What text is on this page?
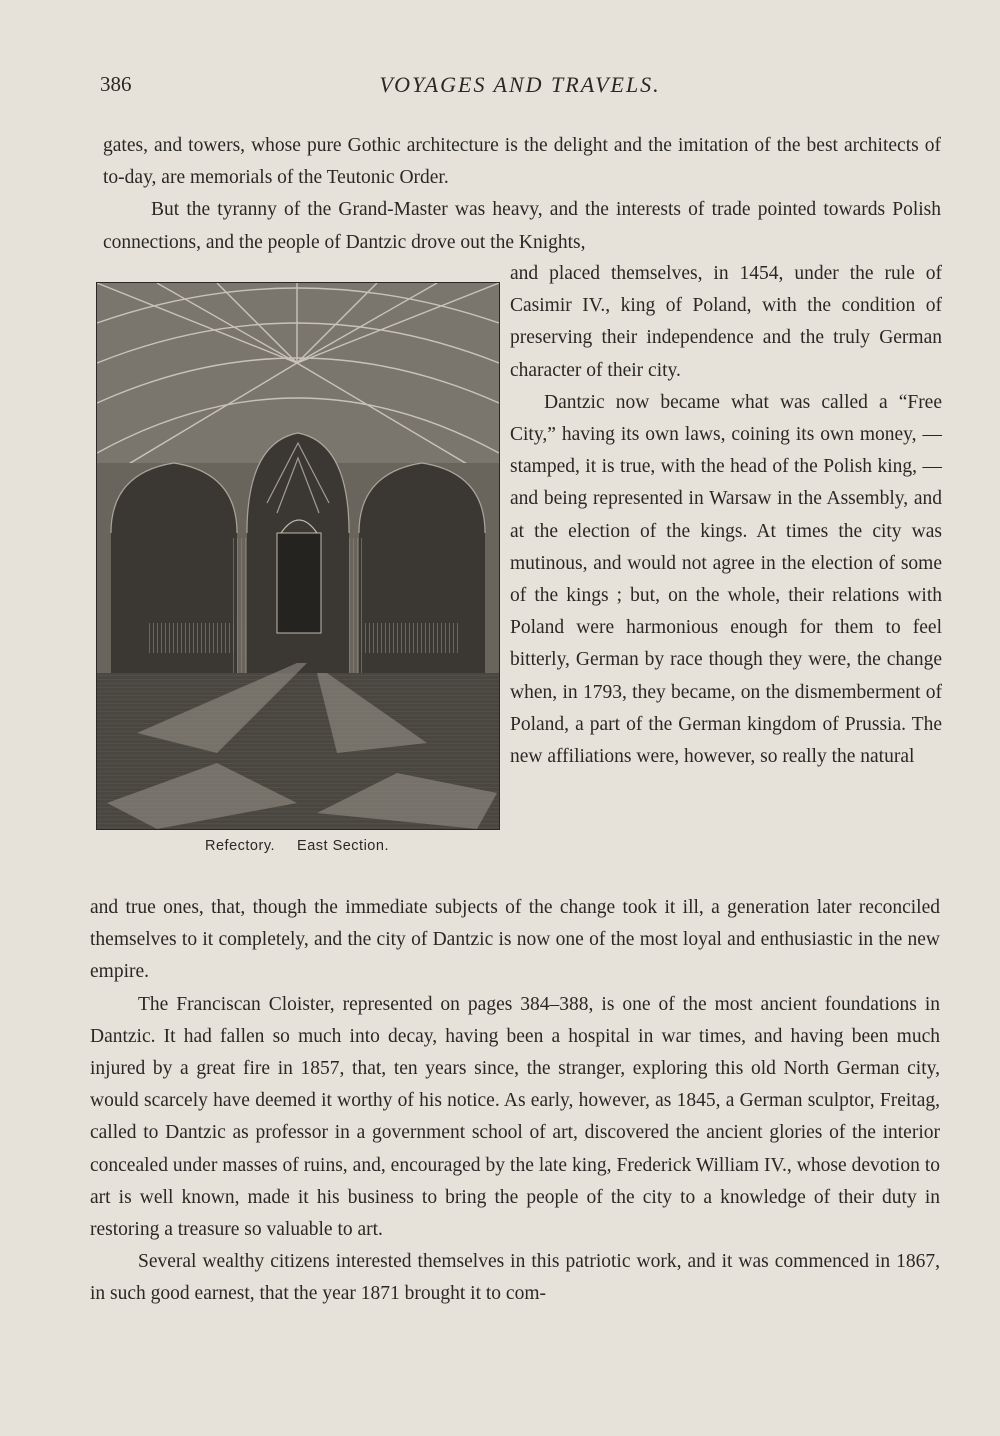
386	VOYAGES AND TRAVELS.

gates, and towers, whose pure Gothic architecture is the delight and the imitation of the best architects of to-day, are memorials of the Teutonic Order.

But the tyranny of the Grand-Master was heavy, and the interests of trade pointed towards Polish connections, and the people of Dantzic drove out the Knights,

Refectory. East Section.

and placed themselves, in 1454, under the rule of Casimir IV., king of Poland, with the condition of preserving their independence and the truly German character of their city.

Dantzic now became what was called a “Free City,” having its own laws, coining its own money, — stamped, it is true, with the head of the Polish king, — and being represented in Warsaw in the Assembly, and at the election of the kings. At times the city was mutinous, and would not agree in the election of some of the kings ; but, on the whole, their relations with Poland were harmonious enough for them to feel bitterly, German by race though they were, the change when, in 1793, they became, on the dismemberment of Poland, a part of the German kingdom of Prussia. The new affiliations were, however, so really the natural

and true ones, that, though the immediate subjects of the change took it ill, a generation later reconciled themselves to it completely, and the city of Dantzic is now one of the most loyal and enthusiastic in the new empire.

The Franciscan Cloister, represented on pages 384–388, is one of the most ancient foundations in Dantzic. It had fallen so much into decay, having been a hospital in war times, and having been much injured by a great fire in 1857, that, ten years since, the stranger, exploring this old North German city, would scarcely have deemed it worthy of his notice. As early, however, as 1845, a German sculptor, Freitag, called to Dantzic as professor in a government school of art, discovered the ancient glories of the interior concealed under masses of ruins, and, encouraged by the late king, Frederick William IV., whose devotion to art is well known, made it his business to bring the people of the city to a knowledge of their duty in restoring a treasure so valuable to art.

Several wealthy citizens interested themselves in this patriotic work, and it was commenced in 1867, in such good earnest, that the year 1871 brought it to com-
